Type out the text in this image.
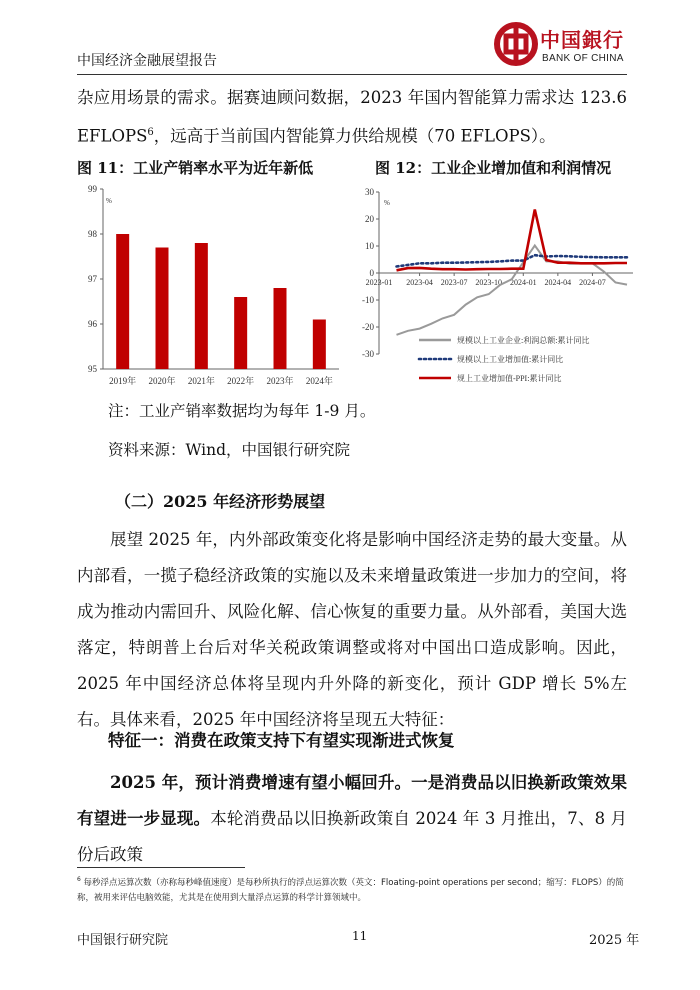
中国经济金融展望报告
中国銀行
BANK OF CHINA
杂应用场景的需求。据赛迪顾问数据，2023 年国内智能算力需求达 123.6
EFLOPS$^6$，远高于当前国内智能算力供给规模（70 EFLOPS）。
图 11：工业产销率水平为近年新低	图 12：工业企业增加值和利润情况
95
96
97
98
99
%
2019年 2020年 2021年 2022年 2023年 2024年
30
20
10
0
-10
-20
-30
%
2023-01 2023-04 2023-07 2023-10 2024-01 2024-04 2024-07
规模以上工业企业:利润总额:累计同比
规模以上工业增加值:累计同比
规上工业增加值-PPI:累计同比
注：工业产销率数据均为每年 1-9 月。
资料来源：Wind，中国银行研究院
（二）2025 年经济形势展望
展望 2025 年，内外部政策变化将是影响中国经济走势的最大变量。从内部看，一揽子稳经济政策的实施以及未来增量政策进一步加力的空间，将成为推动内需回升、风险化解、信心恢复的重要力量。从外部看，美国大选落定，特朗普上台后对华关税政策调整或将对中国出口造成影响。因此，2025 年中国经济总体将呈现内升外降的新变化，预计 GDP 增长 5%左右。具体来看，2025 年中国经济将呈现五大特征：
特征一：消费在政策支持下有望实现渐进式恢复
2025 年，预计消费增速有望小幅回升。一是消费品以旧换新政策效果有望进一步显现。本轮消费品以旧换新政策自 2024 年 3 月推出，7、8 月份后政策
$^6$ 每秒浮点运算次数（亦称每秒峰值速度）是每秒所执行的浮点运算次数（英文：Floating-point operations per second；缩写：FLOPS）的简称，被用来评估电脑效能，尤其是在使用到大量浮点运算的科学计算领域中。
中国银行研究院	11	2025 年
